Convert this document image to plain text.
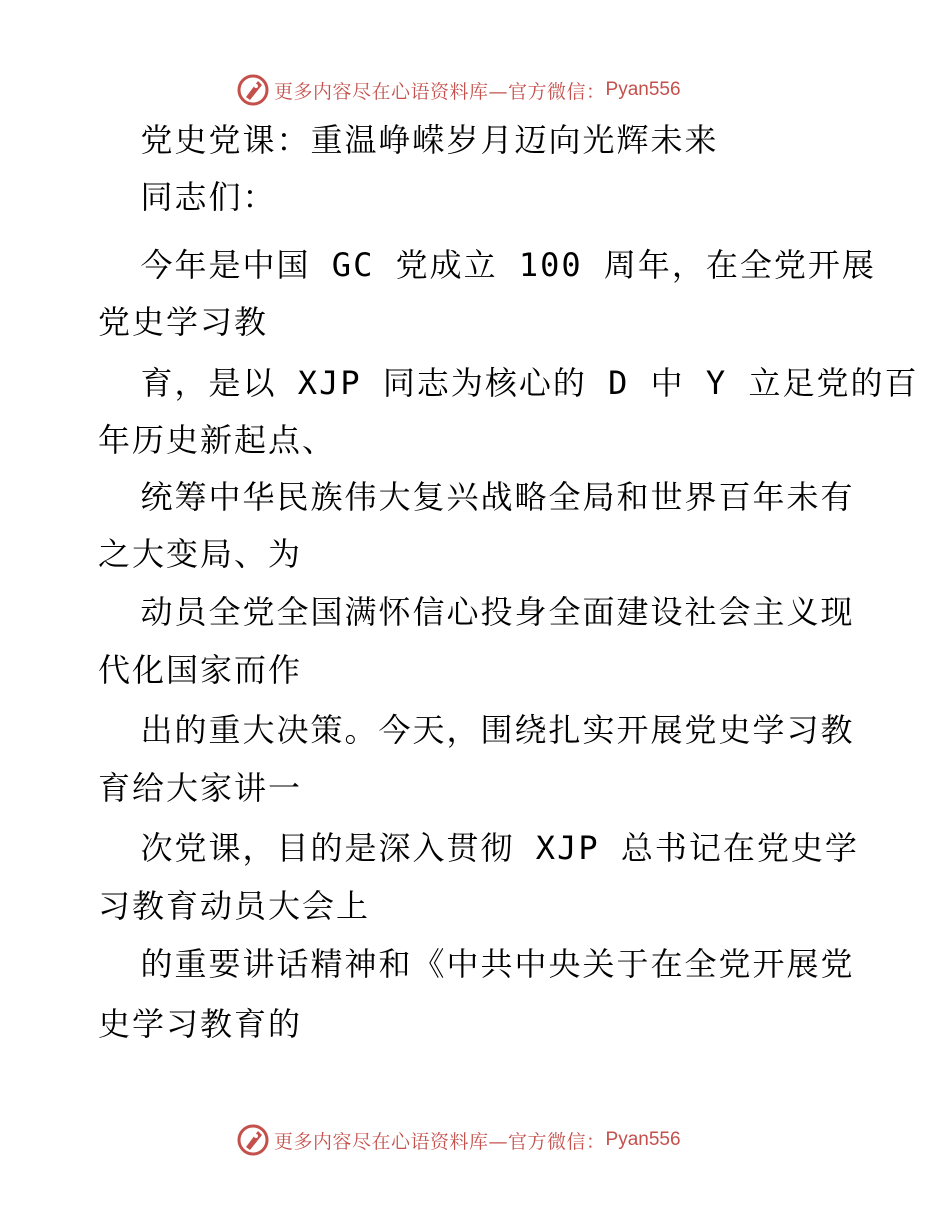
更多内容尽在心语资料库—官方微信： Pyan556
党史党课：重温峥嵘岁月迈向光辉未来
同志们：
今年是中国 GC 党成立 100 周年，在全党开展
党史学习教
育，是以 XJP 同志为核心的 D 中 Y 立足党的百
年历史新起点、
统筹中华民族伟大复兴战略全局和世界百年未有
之大变局、为
动员全党全国满怀信心投身全面建设社会主义现
代化国家而作
出的重大决策。今天，围绕扎实开展党史学习教
育给大家讲一
次党课，目的是深入贯彻 XJP 总书记在党史学
习教育动员大会上
的重要讲话精神和《中共中央关于在全党开展党
史学习教育的
更多内容尽在心语资料库—官方微信： Pyan556
